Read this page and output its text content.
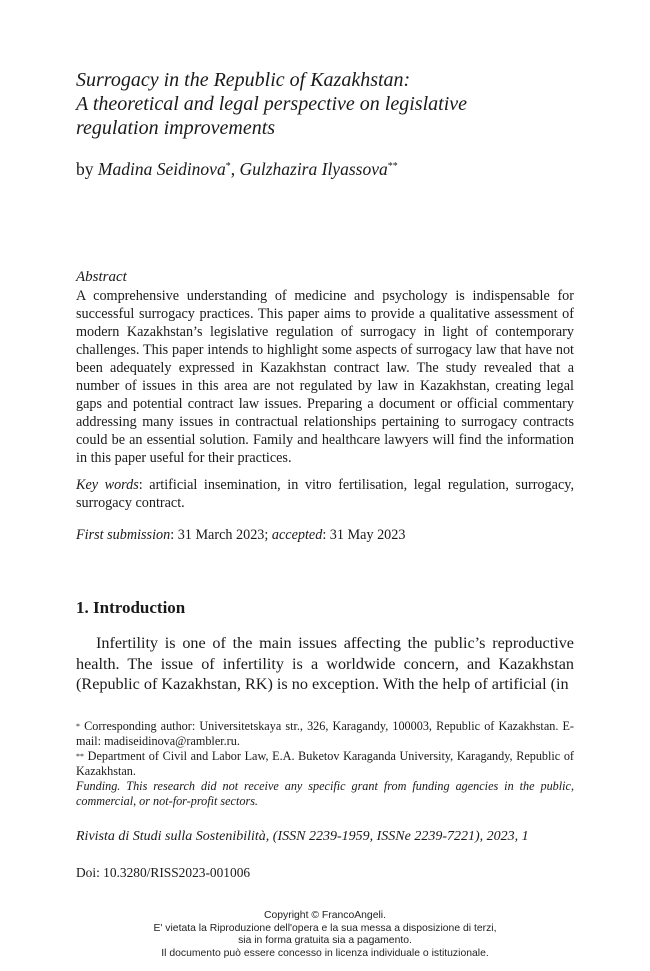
Surrogacy in the Republic of Kazakhstan:
A theoretical and legal perspective on legislative
regulation improvements
by Madina Seidinova*, Gulzhazira Ilyassova**
Abstract

A comprehensive understanding of medicine and psychology is indispensable for successful surrogacy practices. This paper aims to provide a qualitative assessment of modern Kazakhstan’s legislative regulation of surrogacy in light of contemporary challenges. This paper intends to highlight some aspects of surrogacy law that have not been adequately expressed in Kazakhstan contract law. The study revealed that a number of issues in this area are not regulated by law in Kazakhstan, creating legal gaps and potential contract law issues. Preparing a document or official commentary addressing many issues in contractual relationships pertaining to surrogacy contracts could be an essential solution. Family and healthcare lawyers will find the information in this paper useful for their practices.

Key words: artificial insemination, in vitro fertilisation, legal regulation, surrogacy, surrogacy contract.

First submission: 31 March 2023; accepted: 31 May 2023
1. Introduction

Infertility is one of the main issues affecting the public’s reproductive health. The issue of infertility is a worldwide concern, and Kazakhstan (Republic of Kazakhstan, RK) is no exception. With the help of artificial (in

* Corresponding author: Universitetskaya str., 326, Karagandy, 100003, Republic of Kazakhstan. E-mail: madiseidinova@rambler.ru.

** Department of Civil and Labor Law, E.A. Buketov Karaganda University, Karagandy, Republic of Kazakhstan.

Funding. This research did not receive any specific grant from funding agencies in the public, commercial, or not-for-profit sectors.

Rivista di Studi sulla Sostenibilità, (ISSN 2239-1959, ISSNe 2239-7221), 2023, 1
Doi: 10.3280/RISS2023-001006
Copyright © FrancoAngeli.
E' vietata la Riproduzione dell'opera e la sua messa a disposizione di terzi,
sia in forma gratuita sia a pagamento.
Il documento può essere concesso in licenza individuale o istituzionale.
